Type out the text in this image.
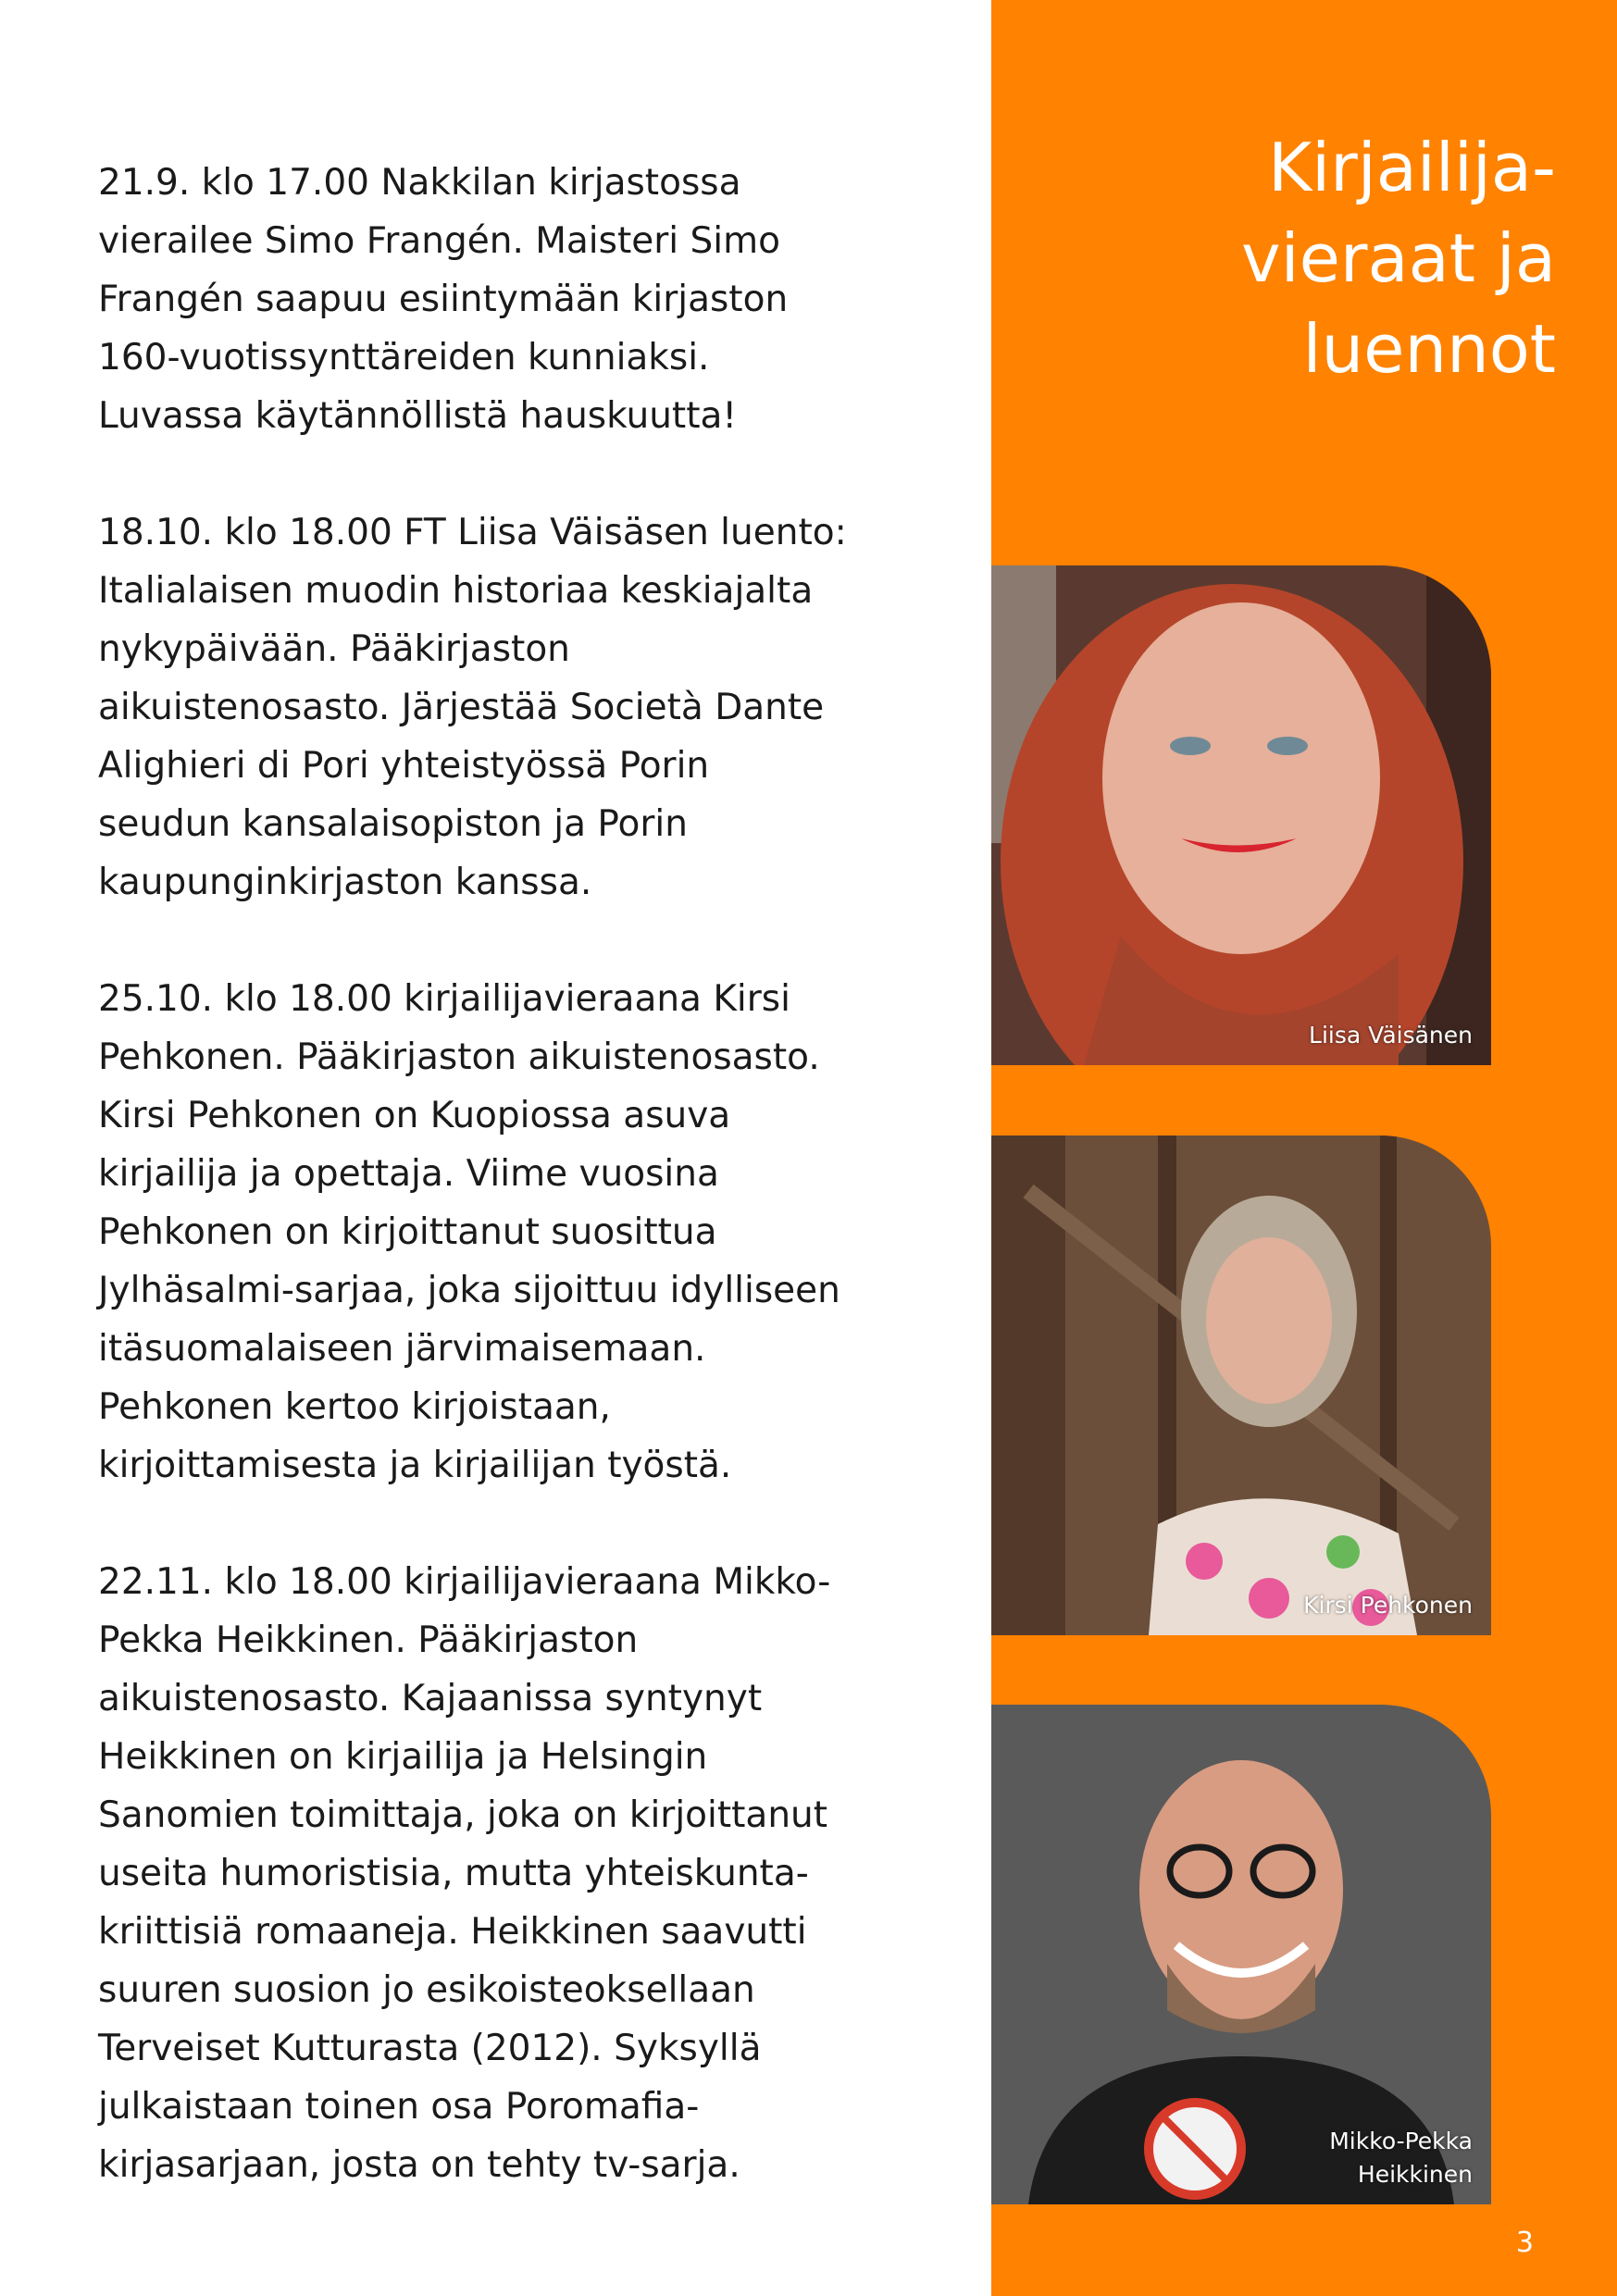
21.9. klo 17.00 Nakkilan kirjastossa
vierailee Simo Frangén. Maisteri Simo
Frangén saapuu esiintymään kirjaston
160-vuotissynttäreiden kunniaksi.
Luvassa käytännöllistä hauskuutta!

18.10. klo 18.00 FT Liisa Väisäsen luento:
Italialaisen muodin historiaa keskiajalta
nykypäivään. Pääkirjaston
aikuistenosasto. Järjestää Società Dante
Alighieri di Pori yhteistyössä Porin
seudun kansalaisopiston ja Porin
kaupunginkirjaston kanssa.

25.10. klo 18.00 kirjailijavieraana Kirsi
Pehkonen. Pääkirjaston aikuistenosasto.
Kirsi Pehkonen on Kuopiossa asuva
kirjailija ja opettaja. Viime vuosina
Pehkonen on kirjoittanut suosittua
Jylhäsalmi-sarjaa, joka sijoittuu idylliseen
itäsuomalaiseen järvimaisemaan.
Pehkonen kertoo kirjoistaan,
kirjoittamisesta ja kirjailijan työstä.

22.11. klo 18.00 kirjailijavieraana Mikko-
Pekka Heikkinen. Pääkirjaston
aikuistenosasto. Kajaanissa syntynyt
Heikkinen on kirjailija ja Helsingin
Sanomien toimittaja, joka on kirjoittanut
useita humoristisia, mutta yhteiskunta-
kriittisiä romaaneja. Heikkinen saavutti
suuren suosion jo esikoisteoksellaan
Terveiset Kutturasta (2012). Syksyllä
julkaistaan toinen osa Poromafia-
kirjasarjaan, josta on tehty tv-sarja.

Kirjailija-
vieraat ja
luennot
Liisa Väisänen
Kirsi Pehkonen
Mikko-Pekka
Heikkinen
3
